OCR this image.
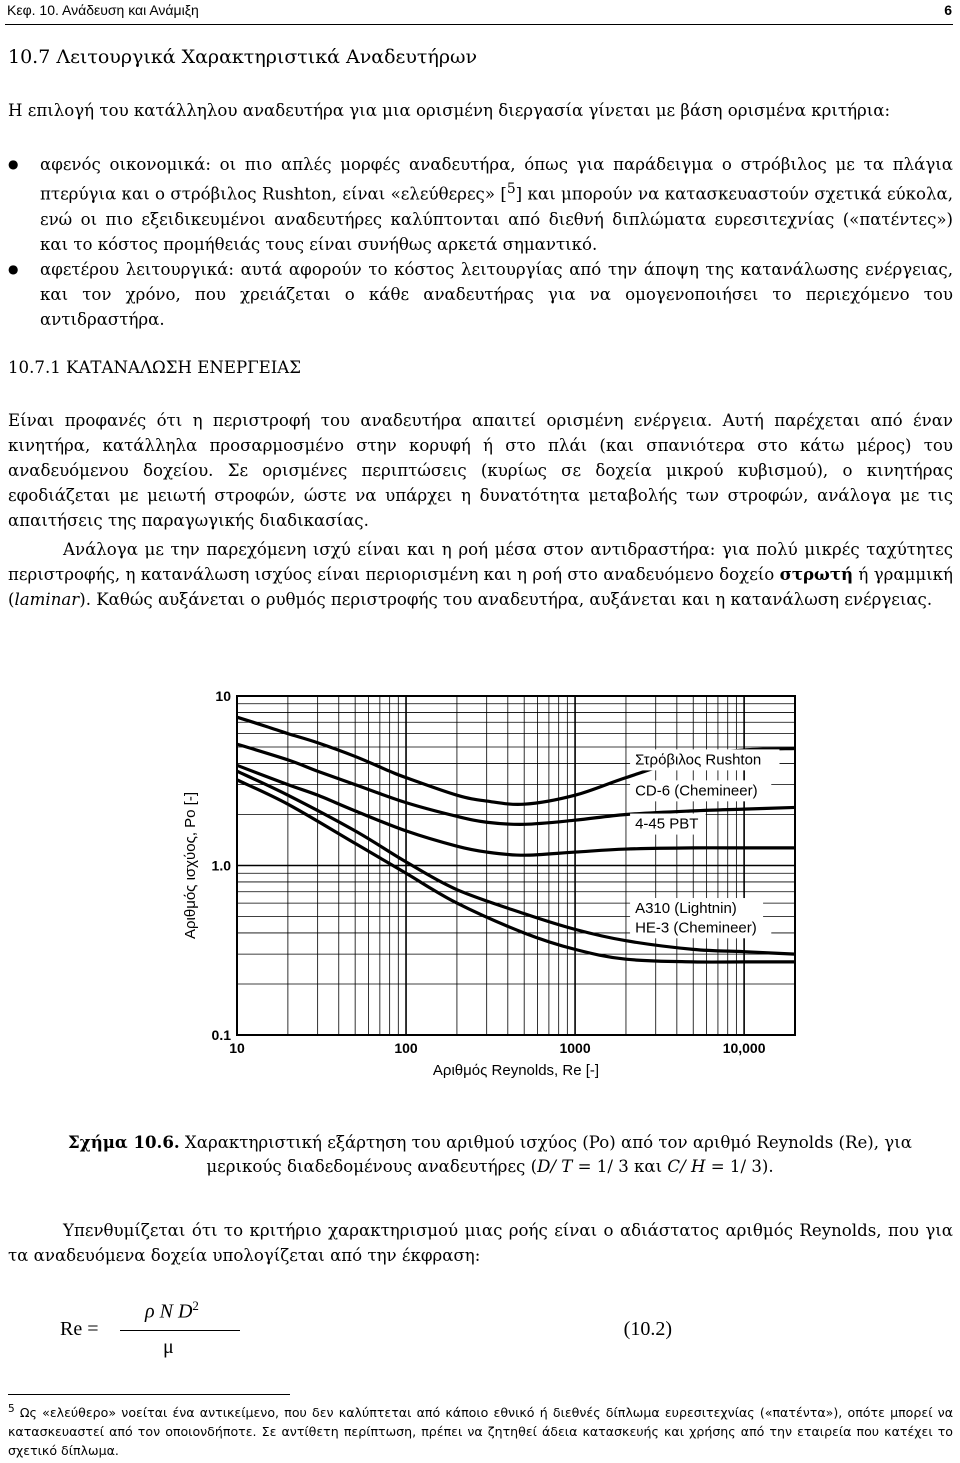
Κεφ. 10. Ανάδευση και Ανάμιξη	6
10.7 Λειτουργικά Χαρακτηριστικά Αναδευτήρων
Η επιλογή του κατάλληλου αναδευτήρα για μια ορισμένη διεργασία γίνεται με βάση ορισμένα κριτήρια:
● αφενός οικονομικά: οι πιο απλές μορφές αναδευτήρα, όπως για παράδειγμα ο στρόβιλος με τα πλάγια πτερύγια και ο στρόβιλος Rushton, είναι «ελεύθερες» [$^5$] και μπορούν να κατασκευαστούν σχετικά εύκολα, ενώ οι πιο εξειδικευμένοι αναδευτήρες καλύπτονται από διεθνή διπλώματα ευρεσιτεχνίας («πατέντες») και το κόστος προμήθειάς τους είναι συνήθως αρκετά σημαντικό.
● αφετέρου λειτουργικά: αυτά αφορούν το κόστος λειτουργίας από την άποψη της κατανάλωσης ενέργειας, και τον χρόνο, που χρειάζεται ο κάθε αναδευτήρας για να ομογενοποιήσει το περιεχόμενο του αντιδραστήρα.
10.7.1 ΚΑΤΑΝΑΛΩΣΗ ΕΝΕΡΓΕΙΑΣ
Είναι προφανές ότι η περιστροφή του αναδευτήρα απαιτεί ορισμένη ενέργεια. Αυτή παρέχεται από έναν κινητήρα, κατάλληλα προσαρμοσμένο στην κορυφή ή στο πλάι (και σπανιότερα στο κάτω μέρος) του αναδευόμενου δοχείου. Σε ορισμένες περιπτώσεις (κυρίως σε δοχεία μικρού κυβισμού), ο κινητήρας εφοδιάζεται με μειωτή στροφών, ώστε να υπάρχει η δυνατότητα μεταβολής των στροφών, ανάλογα με τις απαιτήσεις της παραγωγικής διαδικασίας.
Ανάλογα με την παρεχόμενη ισχύ είναι και η ροή μέσα στον αντιδραστήρα: για πολύ μικρές ταχύτητες περιστροφής, η κατανάλωση ισχύος είναι περιορισμένη και η ροή στο αναδευόμενο δοχείο στρωτή ή γραμμική (laminar). Καθώς αυξάνεται ο ρυθμός περιστροφής του αναδευτήρα, αυξάνεται και η κατανάλωση ενέργειας.
10	100	1000	10,000
10
1.0
0.1
Στρόβιλος Rushton
CD-6 (Chemineer)
4-45 PBT
A310 (Lightnin)
HE-3 (Chemineer)
Αριθμός Reynolds, Re [-]
Αριθμός ισχύος, Po [-]
Σχήμα 10.6. Χαρακτηριστική εξάρτηση του αριθμού ισχύος (Po) από τον αριθμό Reynolds (Re), για μερικούς διαδεδομένους αναδευτήρες (D/ T = 1/ 3 και C/ H = 1/ 3).
Υπενθυμίζεται ότι το κριτήριο χαρακτηρισμού μιας ροής είναι ο αδιάστατος αριθμός Reynolds, που για τα αναδευόμενα δοχεία υπολογίζεται από την έκφραση:
Re =
ρ N $D^2$
μ
(10.2)
$^5$ Ως «ελεύθερο» νοείται ένα αντικείμενο, που δεν καλύπτεται από κάποιο εθνικό ή διεθνές δίπλωμα ευρεσιτεχνίας («πατέντα»), οπότε μπορεί να κατασκευαστεί από τον οποιονδήποτε. Σε αντίθετη περίπτωση, πρέπει να ζητηθεί άδεια κατασκευής και χρήσης από την εταιρεία που κατέχει το σχετικό δίπλωμα.
